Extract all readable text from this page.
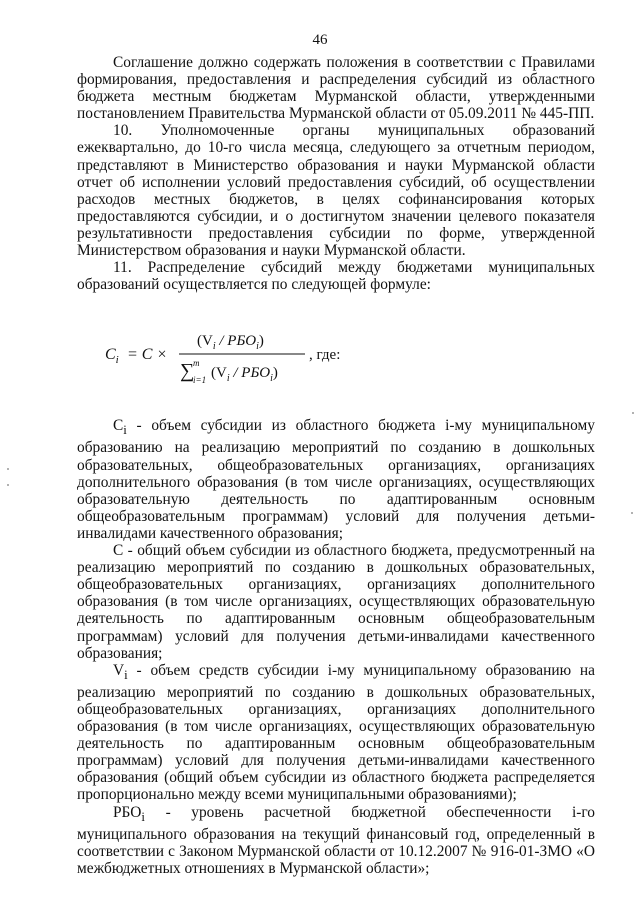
46

Соглашение должно содержать положения в соответствии с Правилами формирования, предоставления и распределения субсидий из областного бюджета местным бюджетам Мурманской области, утвержденными постановлением Правительства Мурманской области от 05.09.2011 № 445-ПП.

10. Уполномоченные органы муниципальных образований ежеквартально, до 10-го числа месяца, следующего за отчетным периодом, представляют в Министерство образования и науки Мурманской области отчет об исполнении условий предоставления субсидий, об осуществлении расходов местных бюджетов, в целях софинансирования которых предоставляются субсидии, и о достигнутом значении целевого показателя результативности предоставления субсидии по форме, утвержденной Министерством образования и науки Мурманской области.

11. Распределение субсидий между бюджетами муниципальных образований осуществляется по следующей формуле:

$C_i = C$ ×
$(V_i / РБО_i)$
∑
m
i=1 $(V_i / РБО_i)$
, где:

$C_i$ - объем субсидии из областного бюджета i-му муниципальному образованию на реализацию мероприятий по созданию в дошкольных образовательных, общеобразовательных организациях, организациях дополнительного образования (в том числе организациях, осуществляющих образовательную деятельность по адаптированным основным общеобразовательным программам) условий для получения детьми-инвалидами качественного образования;

С - общий объем субсидии из областного бюджета, предусмотренный на реализацию мероприятий по созданию в дошкольных образовательных, общеобразовательных организациях, организациях дополнительного образования (в том числе организациях, осуществляющих образовательную деятельность по адаптированным основным общеобразовательным программам) условий для получения детьми-инвалидами качественного образования;

$V_i$ - объем средств субсидии i-му муниципальному образованию на реализацию мероприятий по созданию в дошкольных образовательных, общеобразовательных организациях, организациях дополнительного образования (в том числе организациях, осуществляющих образовательную деятельность по адаптированным основным общеобразовательным программам) условий для получения детьми-инвалидами качественного образования (общий объем субсидии из областного бюджета распределяется пропорционально между всеми муниципальными образованиями);

$РБО_i$ - уровень расчетной бюджетной обеспеченности i-го муниципального образования на текущий финансовый год, определенный в соответствии с Законом Мурманской области от 10.12.2007 № 916-01-ЗМО «О межбюджетных отношениях в Мурманской области»;
